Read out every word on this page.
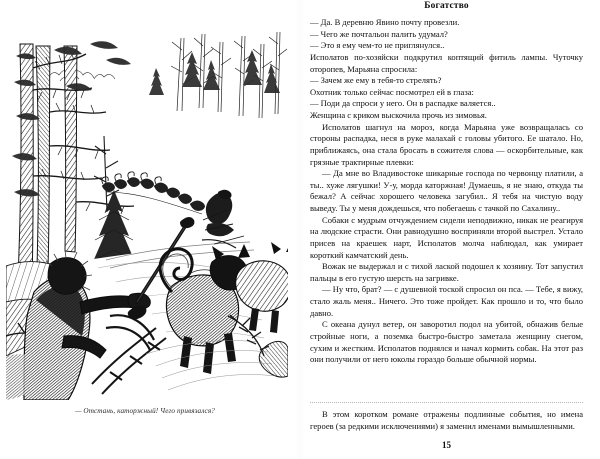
— Отстань, каторжный! Чего привязался?
Богатство

— Да. В деревню Явино почту провезли.

— Чего же почтальон палить удумал?

— Это я ему чем-то не приглянулся..

Исполатов по-хозяйски подкрутил коптящий фитиль лампы. Чуточку оторопев, Марьяна спросила:

— Зачем же ему в тебя-то стрелять?

Охотник только сейчас посмотрел ей в глаза:

— Поди да спроси у него. Он в распадке валяется..

Женщина с криком выскочила прочь из зимовья.

Исполатов шагнул на мороз, когда Марьяна уже возвращалась со стороны распадка, неся в руке малахай с головы убитого. Ее шатало. Но, приближаясь, она стала бросать в сожителя слова — оскорбительные, как грязные трактирные плевки:

— Да мне во Владивостоке шикарные господа по червонцу платили, а ты.. хуже лягушки! У-у, морда каторжная! Думаешь, я не знаю, откуда ты бежал? А сейчас хорошего человека загубил.. Я тебя на чистую воду выведу. Ты у меня дождешься, что побегаешь с тачкой по Сахалину..

Собаки с мудрым отчуждением сидели неподвижно, никак не реагируя на людские страсти. Они равнодушно восприняли второй выстрел. Устало присев на краешек нарт, Исполатов молча наблюдал, как умирает короткий камчатский день.

Вожак не выдержал и с тихой лаской подошел к хозяину. Тот запустил пальцы в его густую шерсть на загривке.

— Ну что, брат? — с душевной тоской спросил он пса. — Тебе, я вижу, стало жаль меня.. Ничего. Это тоже пройдет. Как прошло и то, что было давно.

С океана дунул ветер, он заворотил подол на убитой, обнажив белые стройные ноги, а поземка быстро-быстро заметала женщину снегом, сухим и жестким. Исполатов поднялся и начал кормить собак. На этот раз они получили от него юколы гораздо больше обычной нормы.

В этом коротком романе отражены подлинные события, но имена героев (за редкими исключениями) я заменил именами вымышленными.

15
